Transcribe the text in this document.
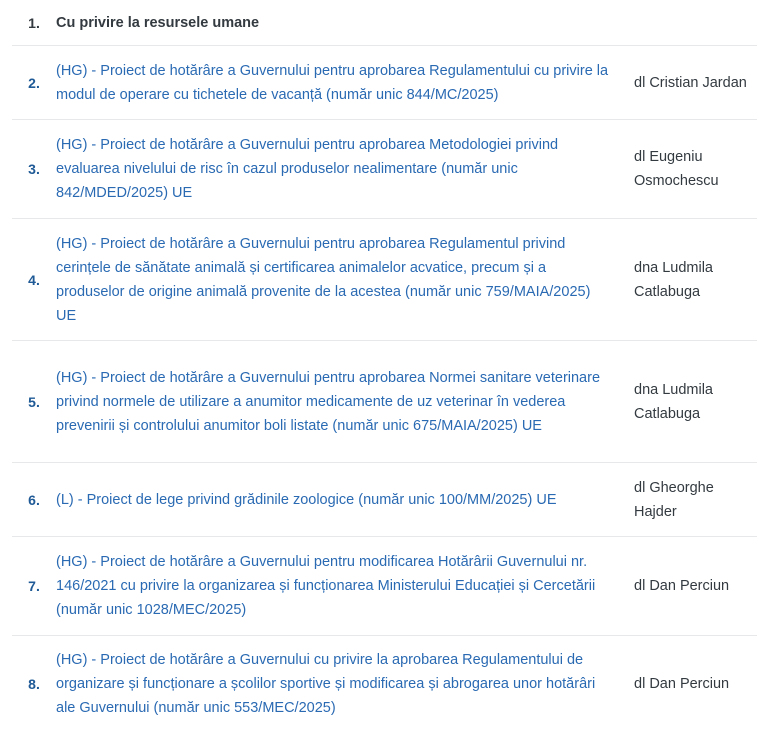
1.	Cu privire la resursele umane
2.
(HG) - Proiect de hotărâre a Guvernului pentru aprobarea Regulamentului cu privire la modul de operare cu tichetele de vacanță (număr unic 844/MC/2025)
dl Cristian Jardan
3.
(HG) - Proiect de hotărâre a Guvernului pentru aprobarea Metodologiei privind evaluarea nivelului de risc în cazul produselor nealimentare (număr unic 842/MDED/2025) UE
dl Eugeniu Osmochescu
4.
(HG) - Proiect de hotărâre a Guvernului pentru aprobarea Regulamentul privind cerințele de sănătate animală și certificarea animalelor acvatice, precum și a produselor de origine animală provenite de la acestea (număr unic 759/MAIA/2025) UE
dna Ludmila Catlabuga
5.
(HG) - Proiect de hotărâre a Guvernului pentru aprobarea Normei sanitare veterinare privind normele de utilizare a anumitor medicamente de uz veterinar în vederea prevenirii și controlului anumitor boli listate (număr unic 675/MAIA/2025) UE
dna Ludmila Catlabuga
6.	(L) - Proiect de lege privind grădinile zoologice (număr unic 100/MM/2025) UE
dl Gheorghe Hajder
7.
(HG) - Proiect de hotărâre a Guvernului pentru modificarea Hotărârii Guvernului nr. 146/2021 cu privire la organizarea și funcționarea Ministerului Educației și Cercetării (număr unic 1028/MEC/2025)
dl Dan Perciun
8.
(HG) - Proiect de hotărâre a Guvernului cu privire la aprobarea Regulamentului de organizare și funcționare a școlilor sportive și modificarea și abrogarea unor hotărâri ale Guvernului (număr unic 553/MEC/2025)
dl Dan Perciun
